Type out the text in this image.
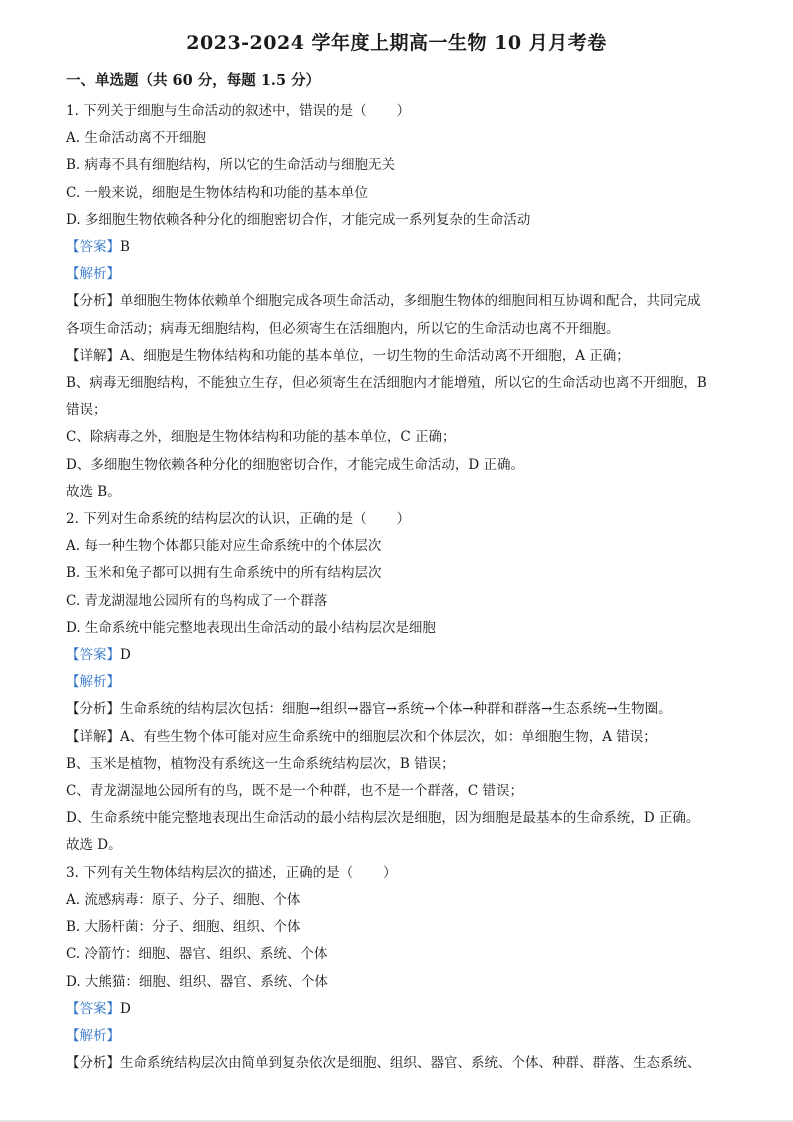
2023-2024 学年度上期高一生物 10 月月考卷
一、单选题（共 60 分，每题 1.5 分）

1. 下列关于细胞与生命活动的叙述中，错误的是（ ）

A. 生命活动离不开细胞

B. 病毒不具有细胞结构，所以它的生命活动与细胞无关

C. 一般来说，细胞是生物体结构和功能的基本单位

D. 多细胞生物依赖各种分化的细胞密切合作，才能完成一系列复杂的生命活动

【答案】B

【解析】

【分析】单细胞生物体依赖单个细胞完成各项生命活动，多细胞生物体的细胞间相互协调和配合，共同完成

各项生命活动；病毒无细胞结构，但必须寄生在活细胞内，所以它的生命活动也离不开细胞。

【详解】A、细胞是生物体结构和功能的基本单位，一切生物的生命活动离不开细胞，A 正确；

B、病毒无细胞结构，不能独立生存，但必须寄生在活细胞内才能增殖，所以它的生命活动也离不开细胞，B

错误；

C、除病毒之外，细胞是生物体结构和功能的基本单位，C 正确；

D、多细胞生物依赖各种分化的细胞密切合作，才能完成生命活动，D 正确。

故选 B。

2. 下列对生命系统的结构层次的认识，正确的是（ ）

A. 每一种生物个体都只能对应生命系统中的个体层次

B. 玉米和兔子都可以拥有生命系统中的所有结构层次

C. 青龙湖湿地公园所有的鸟构成了一个群落

D. 生命系统中能完整地表现出生命活动的最小结构层次是细胞

【答案】D

【解析】

【分析】生命系统的结构层次包括：细胞→组织→器官→系统→个体→种群和群落→生态系统→生物圈。

【详解】A、有些生物个体可能对应生命系统中的细胞层次和个体层次，如：单细胞生物，A 错误；

B、玉米是植物，植物没有系统这一生命系统结构层次，B 错误；

C、青龙湖湿地公园所有的鸟，既不是一个种群，也不是一个群落，C 错误；

D、生命系统中能完整地表现出生命活动的最小结构层次是细胞，因为细胞是最基本的生命系统，D 正确。

故选 D。

3. 下列有关生物体结构层次的描述，正确的是（ ）

A. 流感病毒：原子、分子、细胞、个体

B. 大肠杆菌：分子、细胞、组织、个体

C. 冷箭竹：细胞、器官、组织、系统、个体

D. 大熊猫：细胞、组织、器官、系统、个体

【答案】D

【解析】

【分析】生命系统结构层次由简单到复杂依次是细胞、组织、器官、系统、个体、种群、群落、生态系统、
